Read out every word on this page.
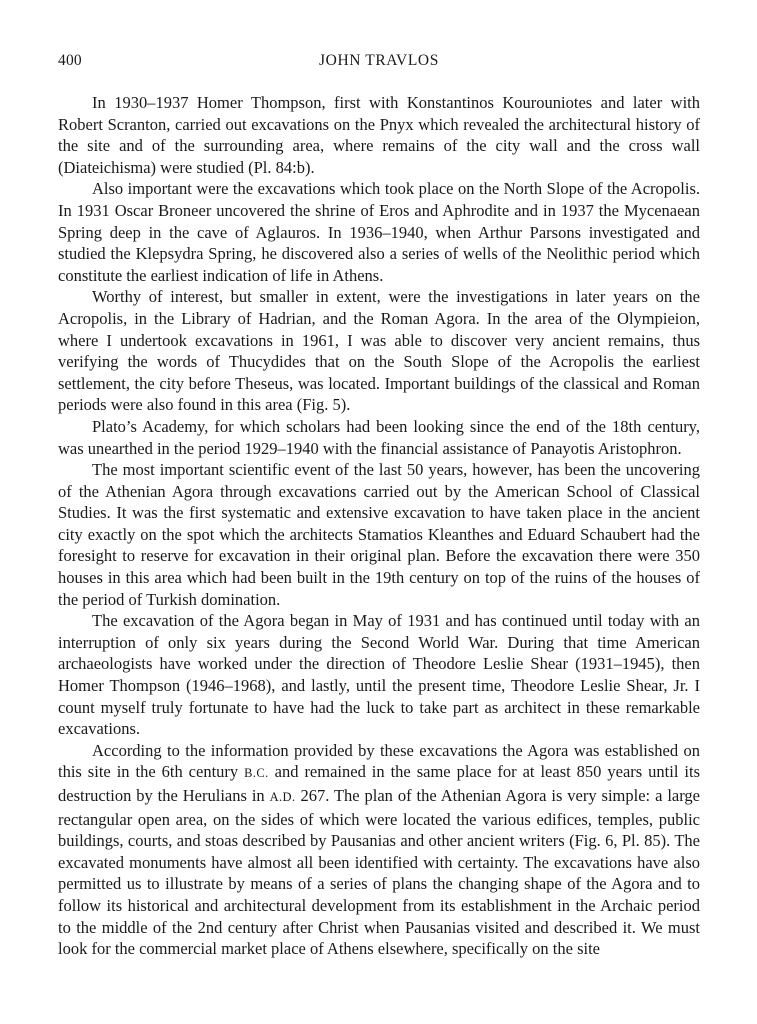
400	JOHN TRAVLOS

In 1930–1937 Homer Thompson, first with Konstantinos Kourouniotes and later with Robert Scranton, carried out excavations on the Pnyx which revealed the architectural history of the site and of the surrounding area, where remains of the city wall and the cross wall (Diateichisma) were studied (Pl. 84:b).

Also important were the excavations which took place on the North Slope of the Acropolis. In 1931 Oscar Broneer uncovered the shrine of Eros and Aphrodite and in 1937 the Mycenaean Spring deep in the cave of Aglauros. In 1936–1940, when Arthur Parsons investigated and studied the Klepsydra Spring, he discovered also a series of wells of the Neolithic period which constitute the earliest indication of life in Athens.

Worthy of interest, but smaller in extent, were the investigations in later years on the Acropolis, in the Library of Hadrian, and the Roman Agora. In the area of the Olympieion, where I undertook excavations in 1961, I was able to discover very ancient remains, thus verifying the words of Thucydides that on the South Slope of the Acropolis the earliest settlement, the city before Theseus, was located. Important buildings of the classical and Roman periods were also found in this area (Fig. 5).

Plato’s Academy, for which scholars had been looking since the end of the 18th century, was unearthed in the period 1929–1940 with the financial assistance of Panayotis Aristophron.

The most important scientific event of the last 50 years, however, has been the uncovering of the Athenian Agora through excavations carried out by the American School of Classical Studies. It was the first systematic and extensive excavation to have taken place in the ancient city exactly on the spot which the architects Stamatios Kleanthes and Eduard Schaubert had the foresight to reserve for excavation in their original plan. Before the excavation there were 350 houses in this area which had been built in the 19th century on top of the ruins of the houses of the period of Turkish domination.

The excavation of the Agora began in May of 1931 and has continued until today with an interruption of only six years during the Second World War. During that time American archaeologists have worked under the direction of Theodore Leslie Shear (1931–1945), then Homer Thompson (1946–1968), and lastly, until the present time, Theodore Leslie Shear, Jr. I count myself truly fortunate to have had the luck to take part as architect in these remarkable excavations.

According to the information provided by these excavations the Agora was established on this site in the 6th century B.C. and remained in the same place for at least 850 years until its destruction by the Herulians in A.D. 267. The plan of the Athenian Agora is very simple: a large rectangular open area, on the sides of which were located the various edifices, temples, public buildings, courts, and stoas described by Pausanias and other ancient writers (Fig. 6, Pl. 85). The excavated monuments have almost all been identified with certainty. The excavations have also permitted us to illustrate by means of a series of plans the changing shape of the Agora and to follow its historical and architectural development from its establishment in the Archaic period to the middle of the 2nd century after Christ when Pausanias visited and described it. We must look for the commercial market place of Athens elsewhere, specifically on the site
